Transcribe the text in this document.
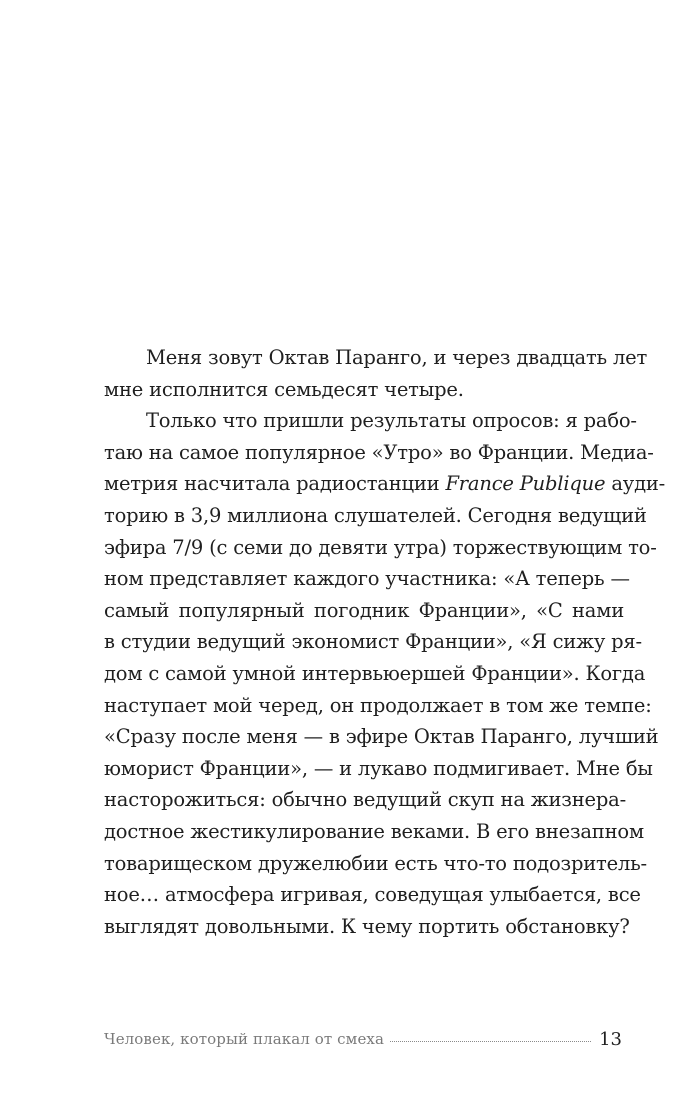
Меня зовут Октав Паранго, и через двадцать лет
мне исполнится семьдесят четыре.
Только что пришли результаты опросов: я рабо-
таю на самое популярное «Утро» во Франции. Медиа-
метрия насчитала радиостанции France Publique ауди-
торию в 3,9 миллиона слушателей. Сегодня ведущий
эфира 7/9 (с семи до девяти утра) торжествующим то-
ном представляет каждого участника: «А теперь —
самый популярный погодник Франции», «С нами
в студии ведущий экономист Франции», «Я сижу ря-
дом с самой умной интервьюершей Франции». Когда
наступает мой черед, он продолжает в том же темпе:
«Сразу после меня — в эфире Октав Паранго, лучший
юморист Франции», — и лукаво подмигивает. Мне бы
насторожиться: обычно ведущий скуп на жизнера-
достное жестикулирование веками. В его внезапном
товарищеском дружелюбии есть что-то подозритель-
ное… атмосфера игривая, соведущая улыбается, все
выглядят довольными. К чему портить обстановку?
Человек, который плакал от смеха	13
